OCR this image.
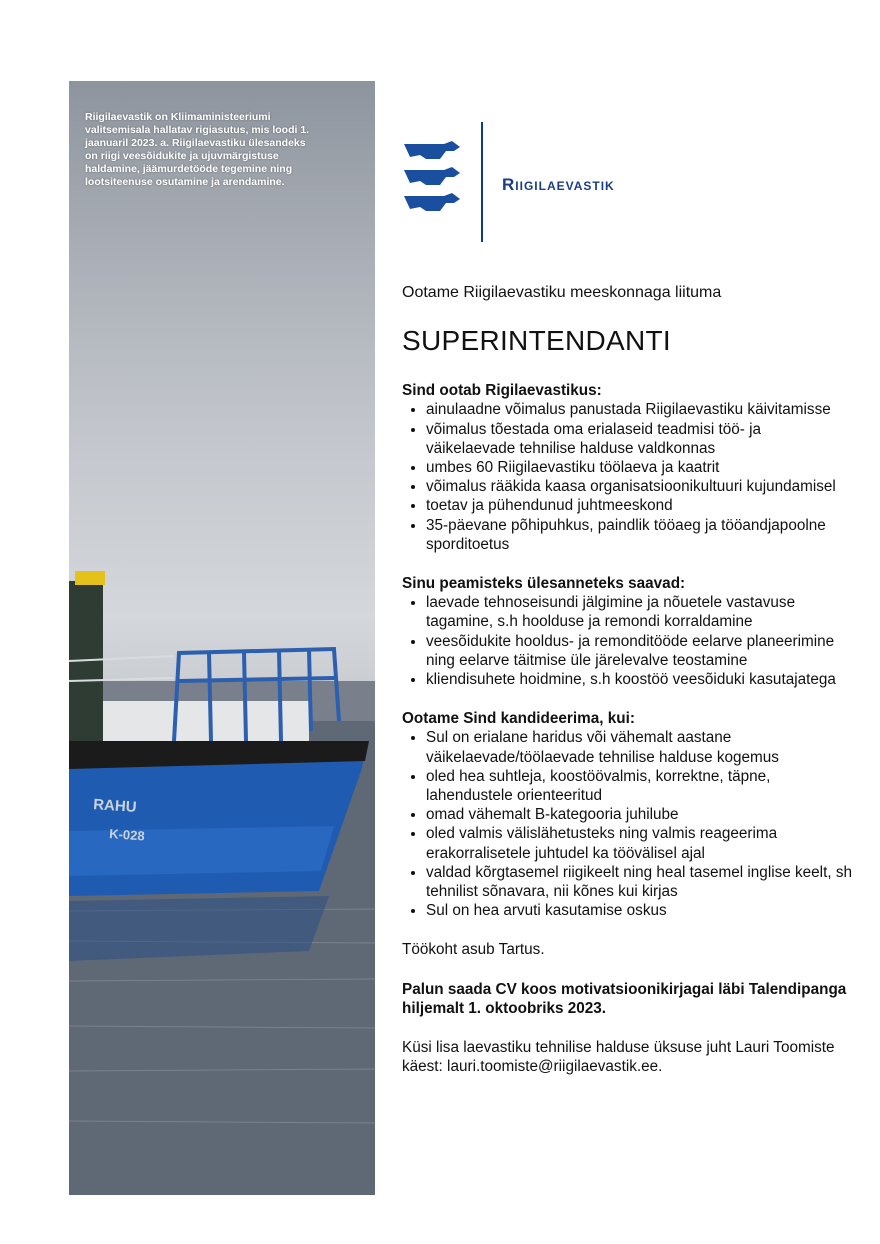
RAHU
K-028
Riigilaevastik on Kliimaministeeriumi valitsemisala hallatav rigiasutus, mis loodi 1. jaanuaril 2023. a. Riigilaevastiku ülesandeks on riigi veesõidukite ja ujuvmärgistuse haldamine, jäämurdetööde tegemine ning lootsiteenuse osutamine ja arendamine.	Riigilaevastik

Ootame Riigilaevastiku meeskonnaga liituma

SUPERINTENDANTI
Sind ootab Rigilaevastikus:
• ainulaadne võimalus panustada Riigilaevastiku käivitamisse
• võimalus tõestada oma erialaseid teadmisi töö- ja väikelaevade tehnilise halduse valdkonnas
• umbes 60 Riigilaevastiku töölaeva ja kaatrit
• võimalus rääkida kaasa organisatsioonikultuuri kujundamisel
• toetav ja pühendunud juhtmeeskond
• 35-päevane põhipuhkus, paindlik tööaeg ja tööandjapoolne sporditoetus
Sinu peamisteks ülesanneteks saavad:
• laevade tehnoseisundi jälgimine ja nõuetele vastavuse tagamine, s.h hoolduse ja remondi korraldamine
• veesõidukite hooldus- ja remonditööde eelarve planeerimine ning eelarve täitmise üle järelevalve teostamine
• kliendisuhete hoidmine, s.h koostöö veesõiduki kasutajatega
Ootame Sind kandideerima, kui:
• Sul on erialane haridus või vähemalt aastane väikelaevade/töölaevade tehnilise halduse kogemus
• oled hea suhtleja, koostöövalmis, korrektne, täpne, lahendustele orienteeritud
• omad vähemalt B-kategooria juhilube
• oled valmis välislähetusteks ning valmis reageerima erakorralisetele juhtudel ka töövälisel ajal
• valdad kõrgtasemel riigikeelt ning heal tasemel inglise keelt, sh tehnilist sõnavara, nii kõnes kui kirjas
• Sul on hea arvuti kasutamise oskus

Töökoht asub Tartus.

Palun saada CV koos motivatsioonikirjagai läbi Talendipanga hiljemalt 1. oktoobriks 2023.

Küsi lisa laevastiku tehnilise halduse üksuse juht Lauri Toomiste käest: lauri.toomiste@riigilaevastik.ee.
